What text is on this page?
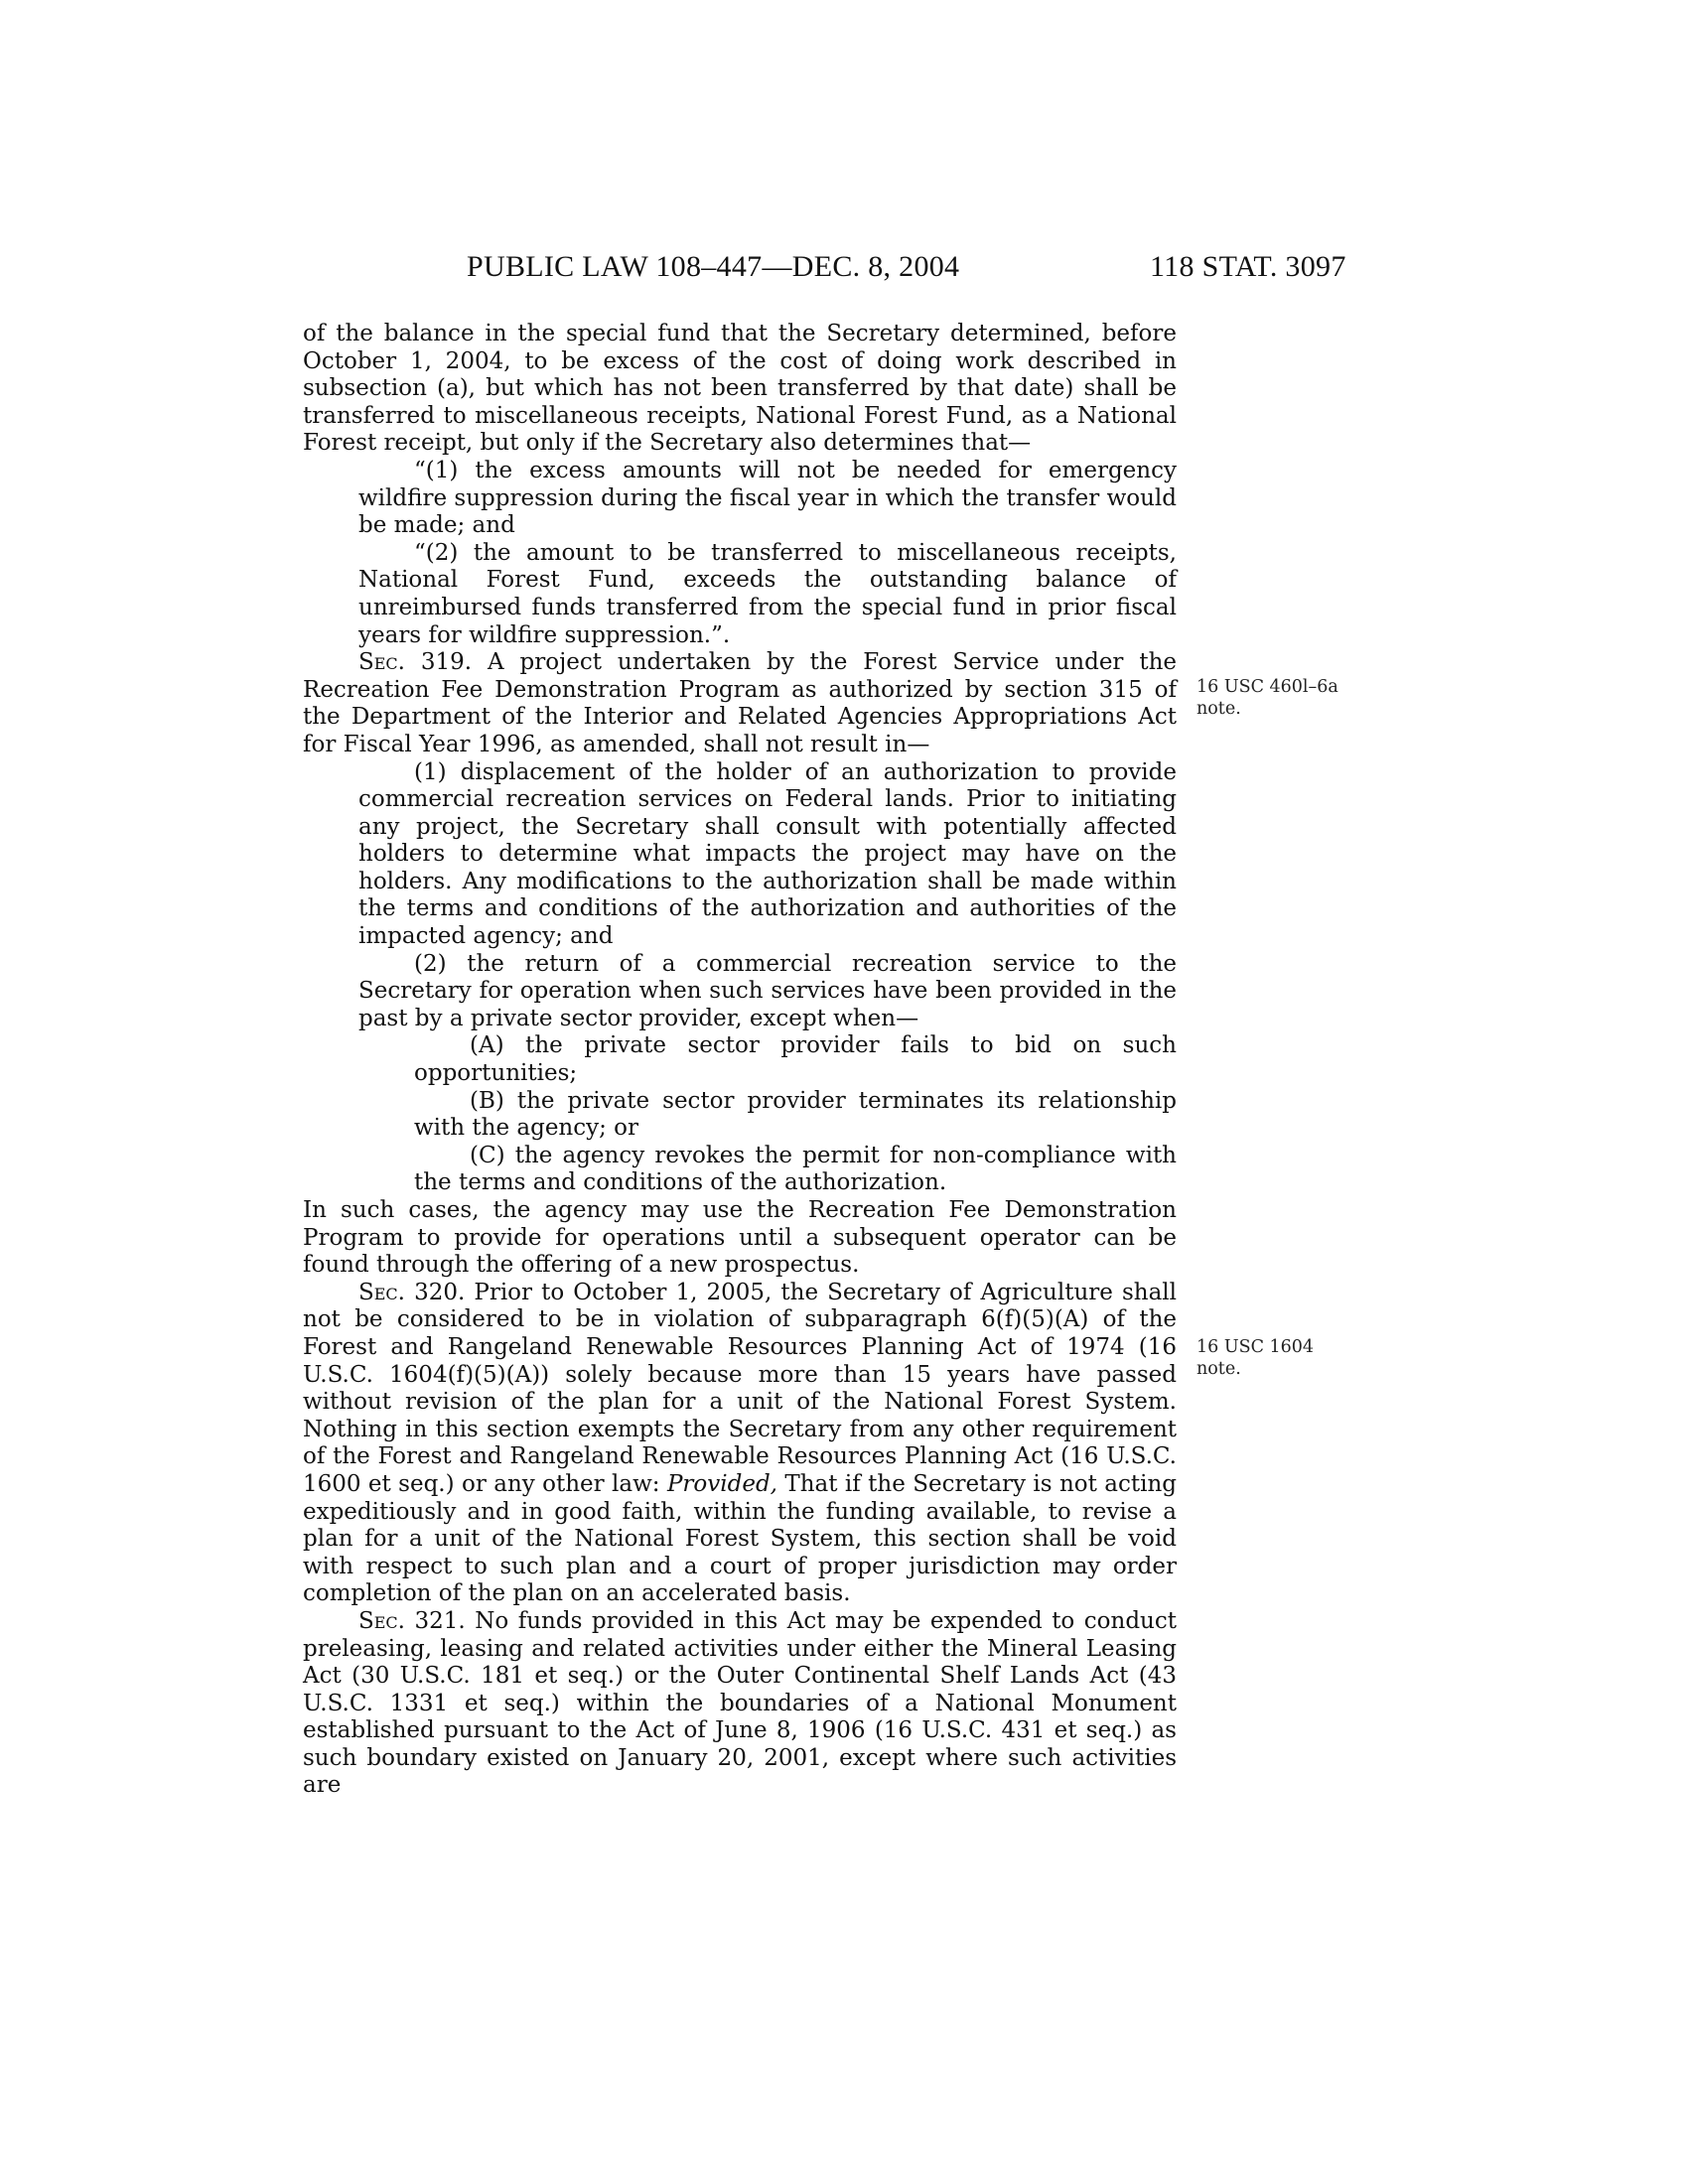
PUBLIC LAW 108–447—DEC. 8, 2004	118 STAT. 3097
16 USC 460l–6a
note.
16 USC 1604
note.

of the balance in the special fund that the Secretary determined, before October 1, 2004, to be excess of the cost of doing work described in subsection (a), but which has not been transferred by that date) shall be transferred to miscellaneous receipts, National Forest Fund, as a National Forest receipt, but only if the Secretary also determines that—

“(1) the excess amounts will not be needed for emergency wildfire suppression during the fiscal year in which the transfer would be made; and

“(2) the amount to be transferred to miscellaneous receipts, National Forest Fund, exceeds the outstanding balance of unreimbursed funds transferred from the special fund in prior fiscal years for wildfire suppression.”.

Sec. 319. A project undertaken by the Forest Service under the Recreation Fee Demonstration Program as authorized by section 315 of the Department of the Interior and Related Agencies Appropriations Act for Fiscal Year 1996, as amended, shall not result in—

(1) displacement of the holder of an authorization to provide commercial recreation services on Federal lands. Prior to initiating any project, the Secretary shall consult with potentially affected holders to determine what impacts the project may have on the holders. Any modifications to the authorization shall be made within the terms and conditions of the authorization and authorities of the impacted agency; and

(2) the return of a commercial recreation service to the Secretary for operation when such services have been provided in the past by a private sector provider, except when—

(A) the private sector provider fails to bid on such opportunities;

(B) the private sector provider terminates its relationship with the agency; or

(C) the agency revokes the permit for non-compliance with the terms and conditions of the authorization.

In such cases, the agency may use the Recreation Fee Demonstration Program to provide for operations until a subsequent operator can be found through the offering of a new prospectus.

Sec. 320. Prior to October 1, 2005, the Secretary of Agriculture shall not be considered to be in violation of subparagraph 6(f)(5)(A) of the Forest and Rangeland Renewable Resources Planning Act of 1974 (16 U.S.C. 1604(f)(5)(A)) solely because more than 15 years have passed without revision of the plan for a unit of the National Forest System. Nothing in this section exempts the Secretary from any other requirement of the Forest and Rangeland Renewable Resources Planning Act (16 U.S.C. 1600 et seq.) or any other law: Provided, That if the Secretary is not acting expeditiously and in good faith, within the funding available, to revise a plan for a unit of the National Forest System, this section shall be void with respect to such plan and a court of proper jurisdiction may order completion of the plan on an accelerated basis.

Sec. 321. No funds provided in this Act may be expended to conduct preleasing, leasing and related activities under either the Mineral Leasing Act (30 U.S.C. 181 et seq.) or the Outer Continental Shelf Lands Act (43 U.S.C. 1331 et seq.) within the boundaries of a National Monument established pursuant to the Act of June 8, 1906 (16 U.S.C. 431 et seq.) as such boundary existed on January 20, 2001, except where such activities are
